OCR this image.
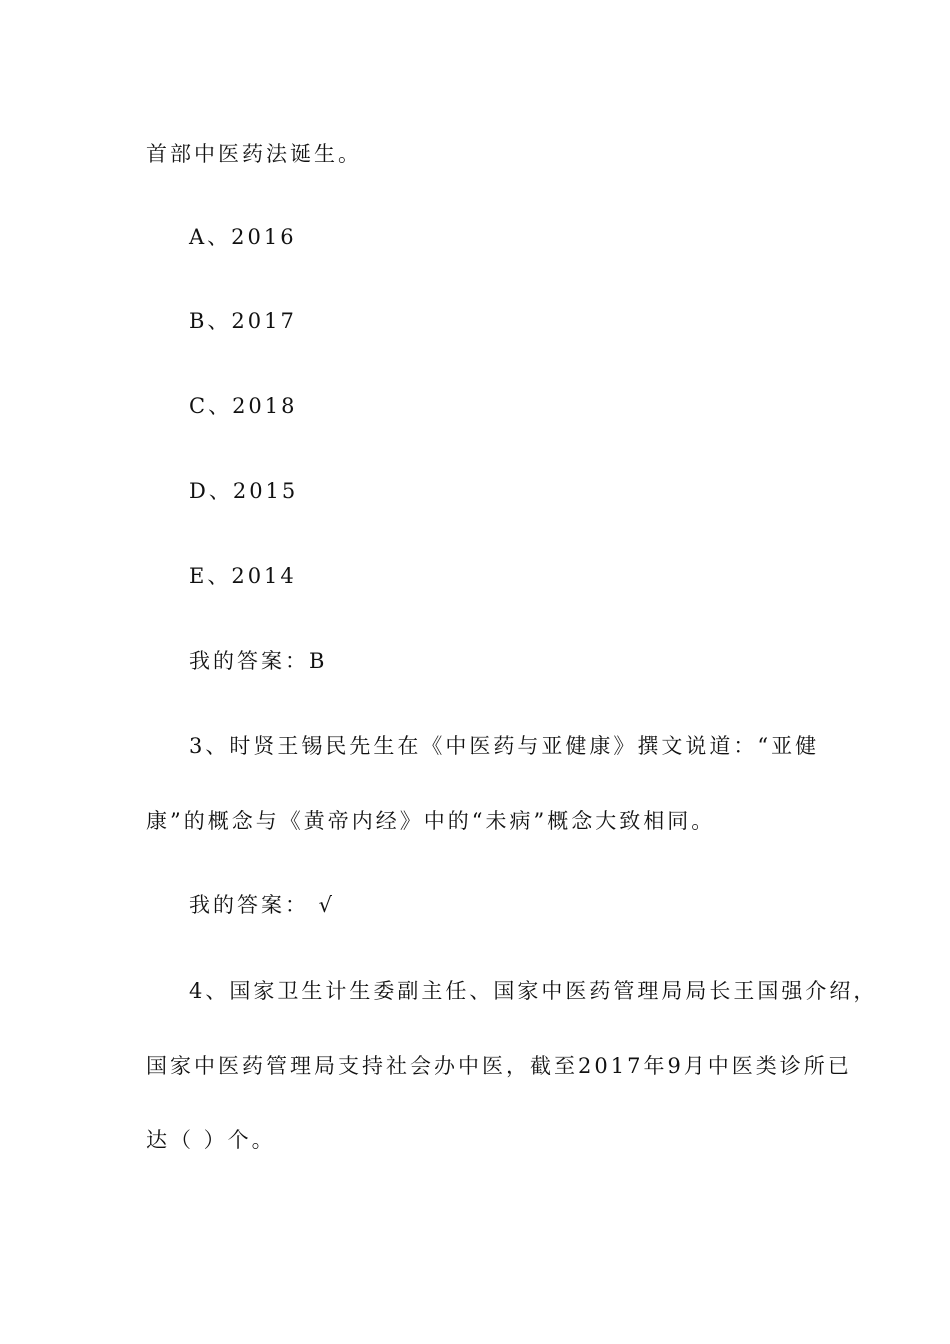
首部中医药法诞生。
A、2016
B、2017
C、2018
D、2015
E、2014
我的答案：B
3、时贤王锡民先生在《中医药与亚健康》撰文说道：“亚健
康”的概念与《黄帝内经》中的“未病”概念大致相同。
我的答案： √
4、国家卫生计生委副主任、国家中医药管理局局长王国强介绍，
国家中医药管理局支持社会办中医，截至2017年9月中医类诊所已
达（ ）个。
